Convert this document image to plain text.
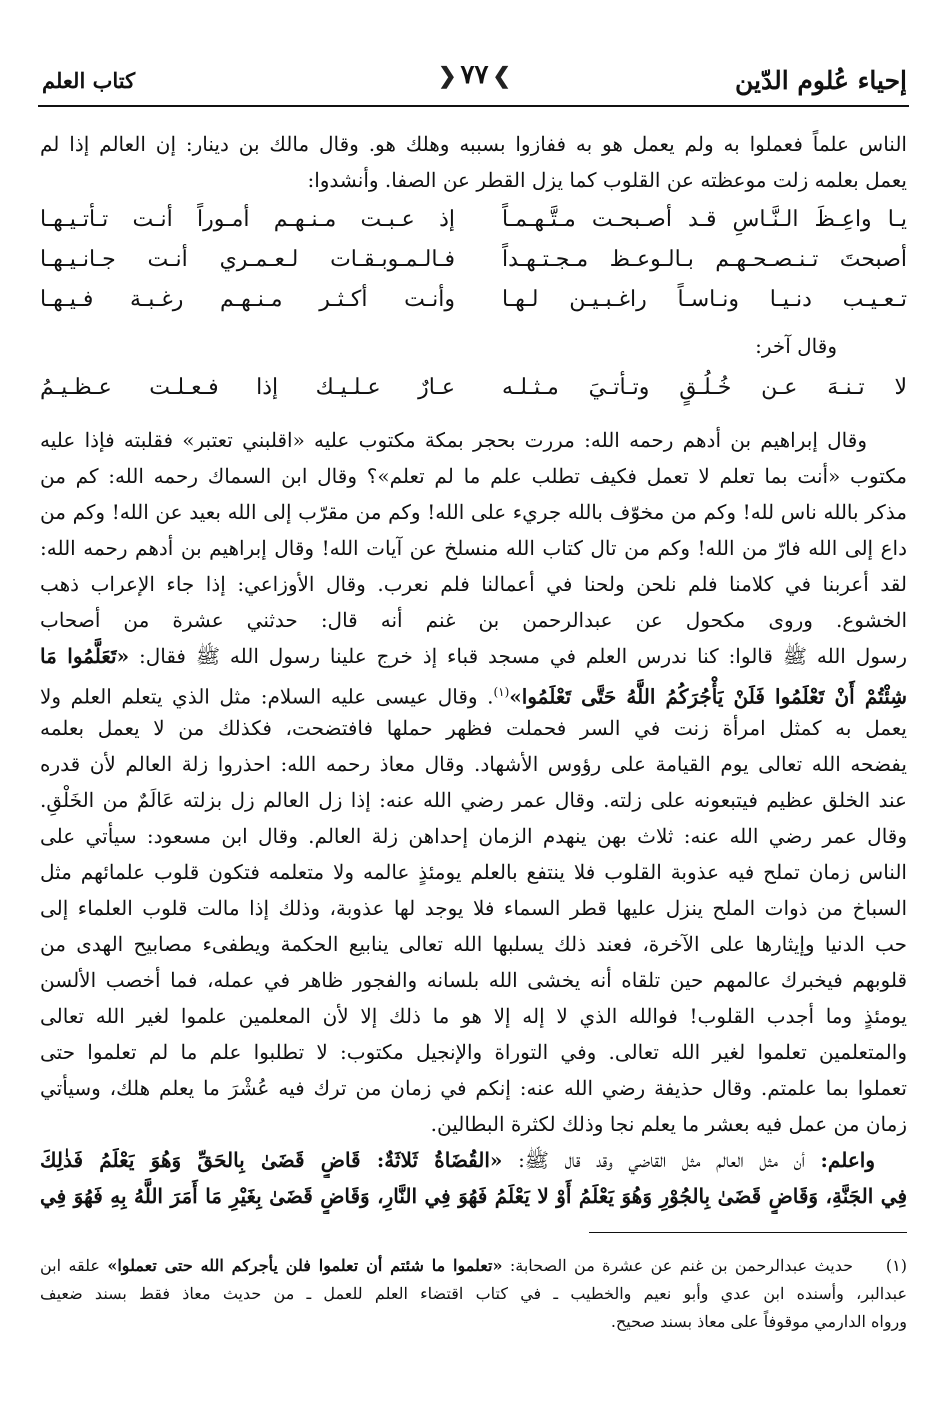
إحياء عُلوم الدّين
❯٧٧❮
كتاب العلم
الناس علماً فعملوا به ولم يعمل هو به ففازوا بسببه وهلك هو. وقال مالك بن دينار: إن العالم إذا لم
يعمل بعلمه زلت موعظته عن القلوب كما يزل القطر عن الصفا. وأنشدوا:
يـا واعِـظَ الـنَّـاسِ قـد أصـبحـت مـتَّـهـمـاً
إذ عـبـت مـنـهـم أمـوراً أنـت تـأتـيـهـا
أصبحتَ تـنـصـحـهـم بـالـوعـظ مـجـتـهـداً
فـالـمـوبـقـات لـعـمـري أنـت جـانـيـهـا
تـعـيـب دنـيـا ونـاسـاً راغـبـيـن لـهـا
وأنـت أكـثـر مـنـهـم رغـبـة فـيـهـا
وقال آخر:
لا تـنـهَ عـن خُـلُـقٍ وتـأتـيَ مـثـلـه
عـارٌ عـلـيـك إذا فـعـلـت عـظـيـمُ
وقال إبراهيم بن أدهم رحمه الله: مررت بحجر بمكة مكتوب عليه «اقلبني تعتبر» فقلبته فإذا عليه
مكتوب «أنت بما تعلم لا تعمل فكيف تطلب علم ما لم تعلم»؟ وقال ابن السماك رحمه الله: كم من
مذكر بالله ناس لله! وكم من مخوّف بالله جريء على الله! وكم من مقرّب إلى الله بعيد عن الله! وكم من
داع إلى الله فارّ من الله! وكم من تال كتاب الله منسلخ عن آيات الله! وقال إبراهيم بن أدهم رحمه الله:
لقد أعربنا في كلامنا فلم نلحن ولحنا في أعمالنا فلم نعرب. وقال الأوزاعي: إذا جاء الإعراب ذهب
الخشوع. وروى مكحول عن عبدالرحمن بن غنم أنه قال: حدثني عشرة من أصحاب
رسول الله ﷺ قالوا: كنا ندرس العلم في مسجد قباء إذ خرج علينا رسول الله ﷺ فقال: «تَعَلَّمُوا مَا
شِئْتُمْ أَنْ تَعْلَمُوا فَلَنْ يَأْجُرَكُمُ اللَّهُ حَتَّى تَعْلَمُوا»$^{(١)}$. وقال عيسى عليه السلام: مثل الذي يتعلم العلم ولا
يعمل به كمثل امرأة زنت في السر فحملت فظهر حملها فافتضحت، فكذلك من لا يعمل بعلمه
يفضحه الله تعالى يوم القيامة على رؤوس الأشهاد. وقال معاذ رحمه الله: احذروا زلة العالم لأن قدره
عند الخلق عظيم فيتبعونه على زلته. وقال عمر رضي الله عنه: إذا زل العالم زل بزلته عَالَمٌ من الخَلْقِ.
وقال عمر رضي الله عنه: ثلاث بهن ينهدم الزمان إحداهن زلة العالم. وقال ابن مسعود: سيأتي على
الناس زمان تملح فيه عذوبة القلوب فلا ينتفع بالعلم يومئذٍ عالمه ولا متعلمه فتكون قلوب علمائهم مثل
السباخ من ذوات الملح ينزل عليها قطر السماء فلا يوجد لها عذوبة، وذلك إذا مالت قلوب العلماء إلى
حب الدنيا وإيثارها على الآخرة، فعند ذلك يسلبها الله تعالى ينابيع الحكمة ويطفىء مصابيح الهدى من
قلوبهم فيخبرك عالمهم حين تلقاه أنه يخشى الله بلسانه والفجور ظاهر في عمله، فما أخصب الألسن
يومئذٍ وما أجدب القلوب! فوالله الذي لا إله إلا هو ما ذلك إلا لأن المعلمين علموا لغير الله تعالى
والمتعلمين تعلموا لغير الله تعالى. وفي التوراة والإنجيل مكتوب: لا تطلبوا علم ما لم تعلموا حتى
تعملوا بما علمتم. وقال حذيفة رضي الله عنه: إنكم في زمان من ترك فيه عُشْرَ ما يعلم هلك، وسيأتي
زمان من عمل فيه بعشر ما يعلم نجا وذلك لكثرة البطالين.
واعلم: أن مثل العالم مثل القاضي وقد قال ﷺ: «القُضَاةُ ثَلاثَةٌ: قَاضٍ قَضَىٰ بِالحَقِّ وَهُوَ يَعْلَمُ فَذٰلِكَ
فِي الجَنَّةِ، وَقَاضٍ قَضَىٰ بِالجُوْرِ وَهُوَ يَعْلَمُ أَوْ لا يَعْلَمُ فَهُوَ فِي النَّارِ، وَقَاضٍ قَضَىٰ بِغَيْرِ مَا أَمَرَ اللَّهُ بِهِ فَهُوَ فِي
(١)
حديث عبدالرحمن بن غنم عن عشرة من الصحابة: «تعلموا ما شئتم أن تعلموا فلن يأجركم الله حتى تعملوا» علقه ابن
عبدالبر، وأسنده ابن عدي وأبو نعيم والخطيب ـ في كتاب اقتضاء العلم للعمل ـ من حديث معاذ فقط بسند ضعيف
ورواه الدارمي موقوفاً على معاذ بسند صحيح.
